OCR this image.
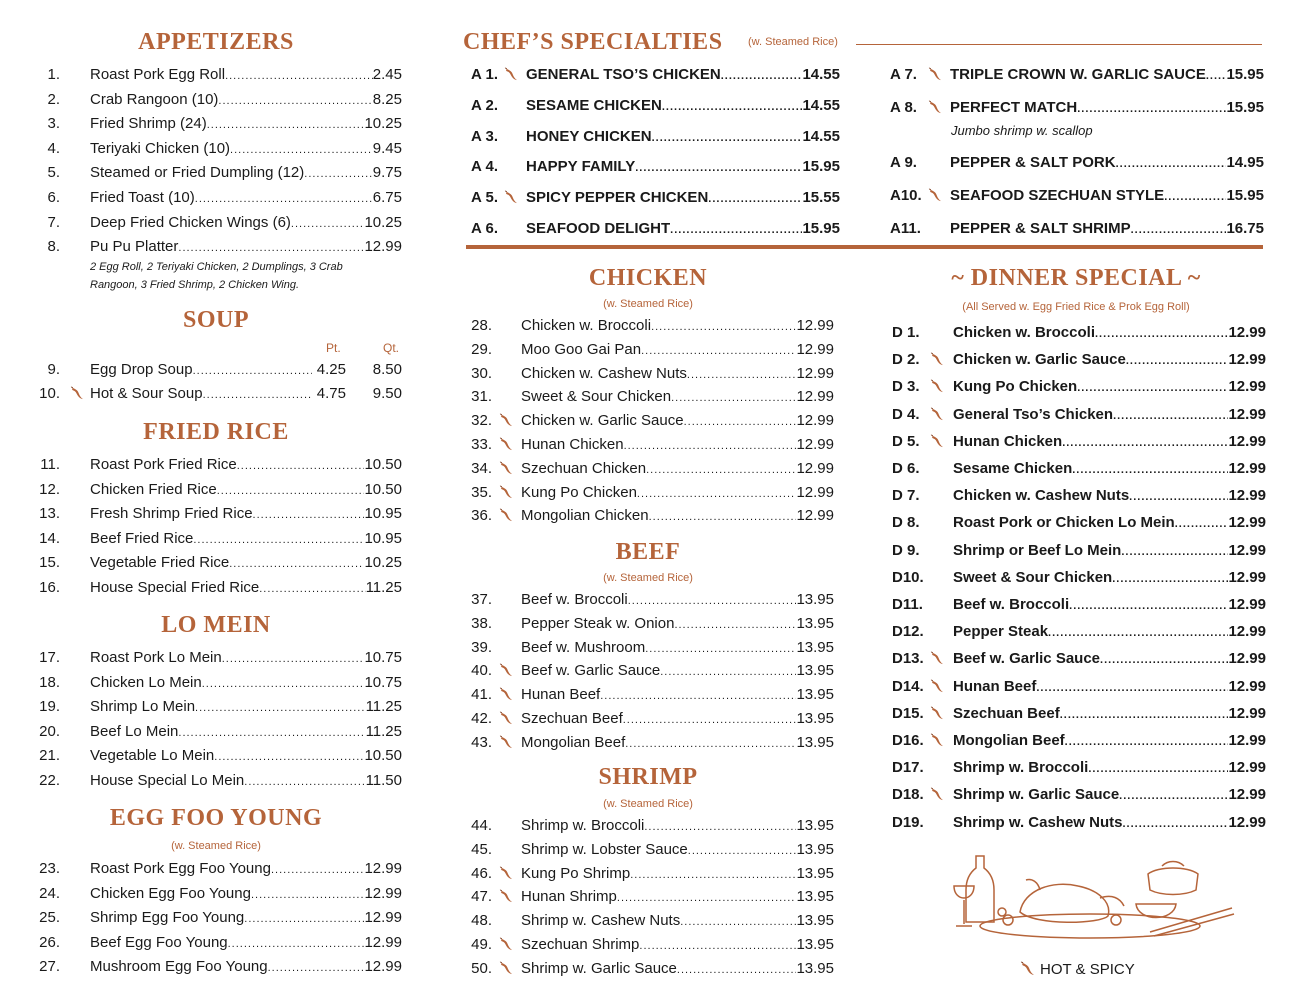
APPETIZERS
1. Roast Pork Egg Roll .....	2.45
2. Crab Rangoon (10) .....	8.25
3. Fried Shrimp (24) .....	10.25
4. Teriyaki Chicken (10) .....	9.45
5. Steamed or Fried Dumpling (12) .....	9.75
6. Fried Toast (10) .....	6.75
7. Deep Fried Chicken Wings (6) .....	10.25
8. Pu Pu Platter .....	12.99
2 Egg Roll, 2 Teriyaki Chicken, 2 Dumplings, 3 Crab
Rangoon, 3 Fried Shrimp, 2 Chicken Wing.
SOUP
Pt.	Qt.
9. Egg Drop Soup .....	4.25	8.50
10. Hot & Sour Soup .....	4.75	9.50
FRIED RICE
11. Roast Pork Fried Rice .....	10.50
12. Chicken Fried Rice .....	10.50
13. Fresh Shrimp Fried Rice .....	10.95
14. Beef Fried Rice .....	10.95
15. Vegetable Fried Rice .....	10.25
16. House Special Fried Rice .....	11.25
LO MEIN
17. Roast Pork Lo Mein .....	10.75
18. Chicken Lo Mein .....	10.75
19. Shrimp Lo Mein .....	11.25
20. Beef Lo Mein .....	11.25
21. Vegetable Lo Mein .....	10.50
22. House Special Lo Mein .....	11.50
EGG FOO YOUNG
(w. Steamed Rice)
23. Roast Pork Egg Foo Young .....	12.99
24. Chicken Egg Foo Young .....	12.99
25. Shrimp Egg Foo Young .....	12.99
26. Beef Egg Foo Young .....	12.99
27. Mushroom Egg Foo Young .....	12.99
CHEF’S SPECIALTIES (w. Steamed Rice)
A 1. GENERAL TSO’S CHICKEN .....	14.55
A 2. SESAME CHICKEN .....	14.55
A 3. HONEY CHICKEN .....	14.55
A 4. HAPPY FAMILY .....	15.95
A 5. SPICY PEPPER CHICKEN .....	15.55
A 6. SEAFOOD DELIGHT .....	15.95
A 7.	TRIPLE CROWN W. GARLIC SAUCE ..... 15.95
A 8.	PERFECT MATCH .....	15.95
A 9.	PEPPER & SALT PORK .....	14.95
A10. SEAFOOD SZECHUAN STYLE .....	15.95
A11. PEPPER & SALT SHRIMP .....	16.75
Jumbo shrimp w. scallop
CHICKEN
(w. Steamed Rice)
28. Chicken w. Broccoli .....	12.99
29. Moo Goo Gai Pan .....	12.99
30. Chicken w. Cashew Nuts .....	12.99
31. Sweet & Sour Chicken .....	12.99
32. Chicken w. Garlic Sauce .....	12.99
33. Hunan Chicken .....	12.99
34. Szechuan Chicken .....	12.99
35. Kung Po Chicken .....	12.99
36. Mongolian Chicken .....	12.99
BEEF
(w. Steamed Rice)
37. Beef w. Broccoli .....	13.95
38. Pepper Steak w. Onion .....	13.95
39. Beef w. Mushroom .....	13.95
40. Beef w. Garlic Sauce .....	13.95
41. Hunan Beef .....	13.95
42. Szechuan Beef .....	13.95
43. Mongolian Beef .....	13.95
SHRIMP
(w. Steamed Rice)
44. Shrimp w. Broccoli .....	13.95
45. Shrimp w. Lobster Sauce .....	13.95
46. Kung Po Shrimp .....	13.95
47. Hunan Shrimp .....	13.95
48. Shrimp w. Cashew Nuts .....	13.95
49. Szechuan Shrimp .....	13.95
50. Shrimp w. Garlic Sauce .....	13.95
~ DINNER SPECIAL ~
(All Served w. Egg Fried Rice & Prok Egg Roll)
D 1.	Chicken w. Broccoli .....	12.99
D 2.	Chicken w. Garlic Sauce .....	12.99
D 3.	Kung Po Chicken .....	12.99
D 4.	General Tso’s Chicken .....	12.99
D 5.	Hunan Chicken .....	12.99
D 6.	Sesame Chicken .....	12.99
D 7.	Chicken w. Cashew Nuts .....	12.99
D 8.	Roast Pork or Chicken Lo Mein .....	12.99
D 9.	Shrimp or Beef Lo Mein .....	12.99
D10. Sweet & Sour Chicken .....	12.99
D11.	Beef w. Broccoli .....	12.99
D12. Pepper Steak .....	12.99
D13. Beef w. Garlic Sauce .....	12.99
D14. Hunan Beef .....	12.99
D15. Szechuan Beef .....	12.99
D16. Mongolian Beef .....	12.99
D17. Shrimp w. Broccoli .....	12.99
D18. Shrimp w. Garlic Sauce .....	12.99
D19. Shrimp w. Cashew Nuts .....	12.99
HOT & SPICY
